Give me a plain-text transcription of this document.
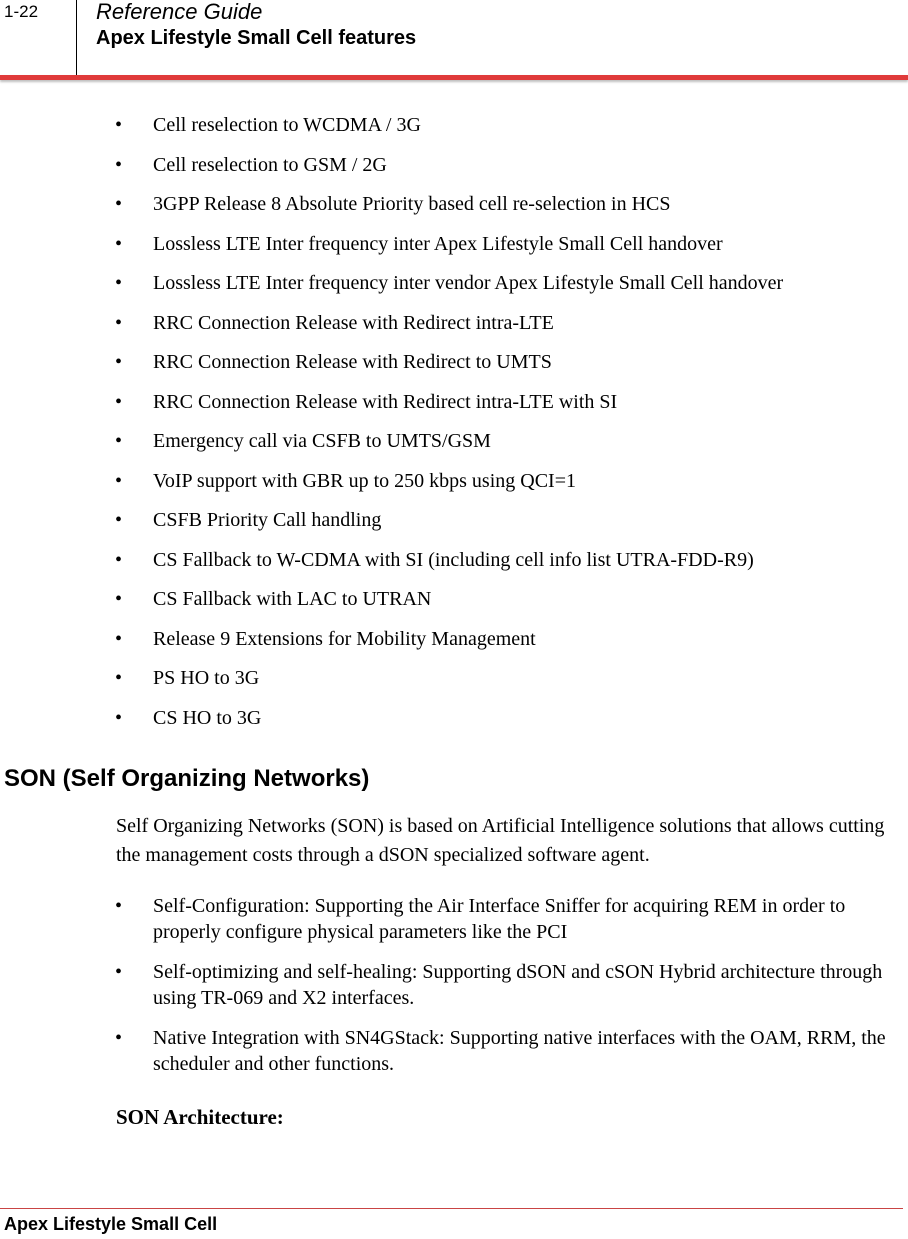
1-22	Reference Guide
Apex Lifestyle Small Cell features
• Cell reselection to WCDMA / 3G
• Cell reselection to GSM / 2G
• 3GPP Release 8 Absolute Priority based cell re-selection in HCS
• Lossless LTE Inter frequency inter Apex Lifestyle Small Cell handover
• Lossless LTE Inter frequency inter vendor Apex Lifestyle Small Cell handover
• RRC Connection Release with Redirect intra-LTE
• RRC Connection Release with Redirect to UMTS
• RRC Connection Release with Redirect intra-LTE with SI
• Emergency call via CSFB to UMTS/GSM
• VoIP support with GBR up to 250 kbps using QCI=1
• CSFB Priority Call handling
• CS Fallback to W-CDMA with SI (including cell info list UTRA-FDD-R9)
• CS Fallback with LAC to UTRAN
• Release 9 Extensions for Mobility Management
• PS HO to 3G
• CS HO to 3G
SON (Self Organizing Networks)

Self Organizing Networks (SON) is based on Artificial Intelligence solutions that allows cutting the management costs through a dSON specialized software agent.

• Self-Configuration: Supporting the Air Interface Sniffer for acquiring REM in order to properly configure physical parameters like the PCI
• Self-optimizing and self-healing: Supporting dSON and cSON Hybrid architecture through using TR-069 and X2 interfaces.
• Native Integration with SN4GStack: Supporting native interfaces with the OAM, RRM, the scheduler and other functions.

SON Architecture:

Apex Lifestyle Small Cell
